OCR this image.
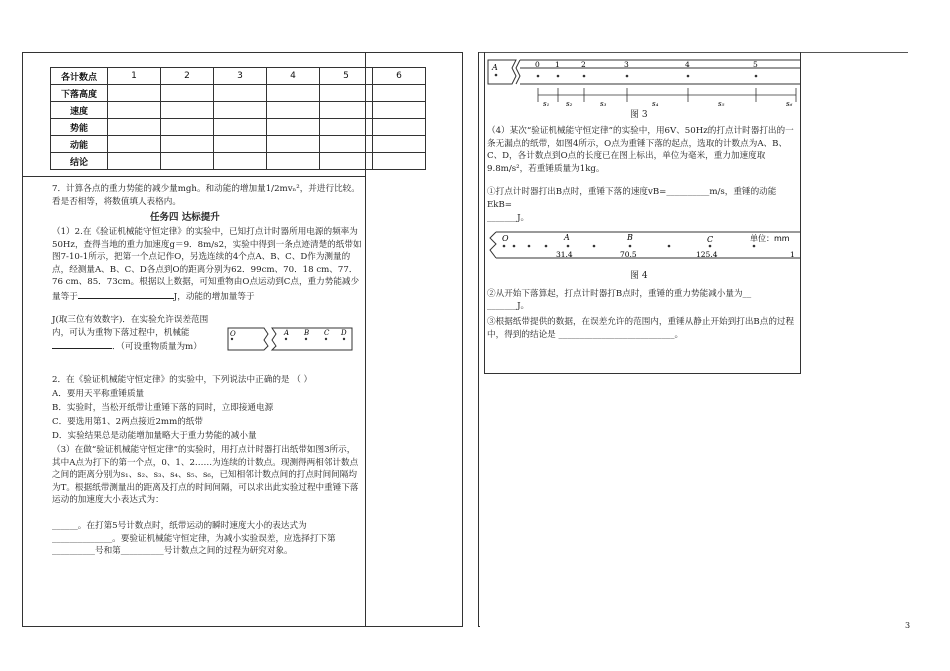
各计数点	1	2	3	4	5	6
下落高度						
速度						
势能						
动能						
结论						
7．计算各点的重力势能的减少量mgh。和动能的增加量1/2mvₙ²，并进行比较。看是否相等，将数值填人表格内。
任务四 达标提升
（1）2.在《验证机械能守恒定律》的实验中，已知打点计时器所用电源的频率为50Hz，查得当地的重力加速度g＝9．8m/s2，实验中得到一条点迹清楚的纸带如图7-10-1所示，把第一个点记作O，另选连续的4个点A、B、C、D作为测量的点，经测量A、B、C、D各点到O的距离分别为62．99cm、70．18 cm、77．76 cm、85．73cm。根据以上数据，可知重物由O点运动到C点，重力势能减少量等于	J，动能的增加量等于
J(取三位有效数字)．在实验允许误差范围内，可认为重物下落过程中，机械能．（可设重物质量为m）
O	A B C D
2．在《验证机械能守恒定律》的实验中，下列说法中正确的是 （ ）
A．要用天平称重锤质量
B．实验时，当松开纸带让重锤下落的同时，立即接通电源
C．要选用第1、2两点接近2mm的纸带
D．实验结果总是动能增加量略大于重力势能的减小量
（3）在做“验证机械能守恒定律”的实验时，用打点计时器打出纸带如图3所示，其中A点为打下的第一个点，0、1、2……为连续的计数点。现测得两相邻计数点之间的距离分别为s₁、s₂、s₃、s₄、s₅、s₆，已知相邻计数点间的打点时间间隔均为T。根据纸带测量出的距离及打点的时间间隔，可以求出此实验过程中重锤下落运动的加速度大小表达式为：
______。在打第5号计数点时，纸带运动的瞬时速度大小的表达式为______________。要验证机械能守恒定律，为减小实验误差，应选择打下第__________号和第__________号计数点之间的过程为研究对象。
A	0 1	2	3	4	5
s₁ s₂	s₃	s₄	s₅	s₆
图 3
（4）某次“验证机械能守恒定律”的实验中，用6V、50Hz的打点计时器打出的一条无漏点的纸带，如图4所示，O点为重锤下落的起点，选取的计数点为A、B、C、D，各计数点到O点的长度已在图上标出，单位为毫米，重力加速度取9.8m/s²，若重锤质量为1kg。
①打点计时器打出B点时，重锤下落的速度vB=__________m/s，重锤的动能EkB=
_______J。
O	A	B	C	单位：mm
31.4	70.5	125.4	1
图 4
②从开始下落算起，打点计时器打B点时，重锤的重力势能减小量为__
_______J。
③根据纸带提供的数据，在误差允许的范围内，重锤从静止开始到打出B点的过程中，得到的结论是 ___________________________。
3
